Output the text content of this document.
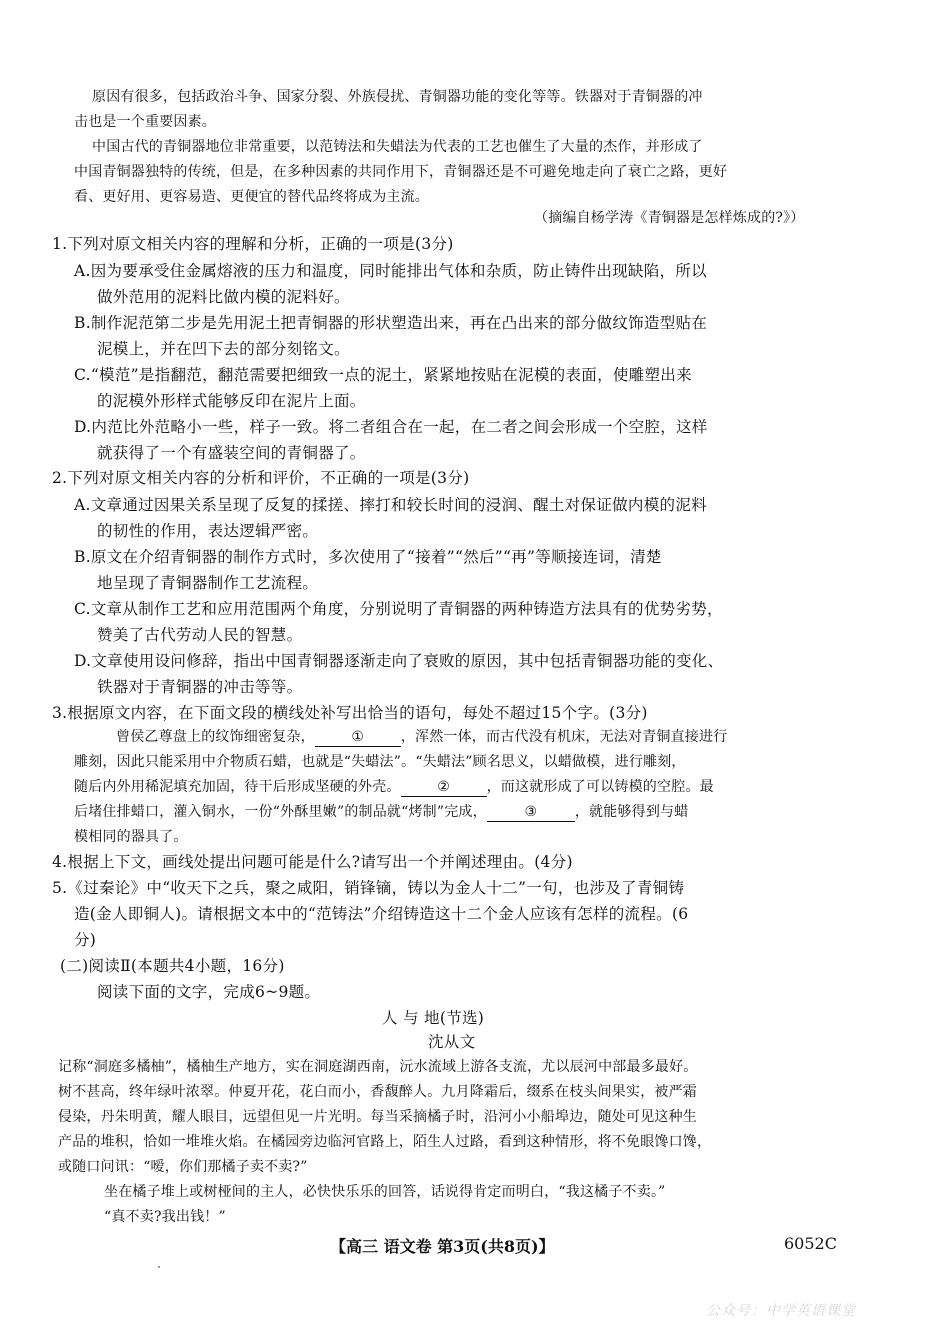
原因有很多，包括政治斗争、国家分裂、外族侵扰、青铜器功能的变化等等。铁器对于青铜器的冲
击也是一个重要因素。
中国古代的青铜器地位非常重要，以范铸法和失蜡法为代表的工艺也催生了大量的杰作，并形成了
中国青铜器独特的传统，但是，在多种因素的共同作用下，青铜器还是不可避免地走向了衰亡之路，更好
看、更好用、更容易造、更便宜的替代品终将成为主流。
（摘编自杨学涛《青铜器是怎样炼成的?》）
1.下列对原文相关内容的理解和分析，正确的一项是(3分)
A.因为要承受住金属熔液的压力和温度，同时能排出气体和杂质，防止铸件出现缺陷，所以
做外范用的泥料比做内模的泥料好。
B.制作泥范第二步是先用泥土把青铜器的形状塑造出来，再在凸出来的部分做纹饰造型贴在
泥模上，并在凹下去的部分刻铭文。
C.“模范”是指翻范，翻范需要把细致一点的泥土，紧紧地按贴在泥模的表面，使雕塑出来
的泥模外形样式能够反印在泥片上面。
D.内范比外范略小一些，样子一致。将二者组合在一起，在二者之间会形成一个空腔，这样
就获得了一个有盛装空间的青铜器了。
2.下列对原文相关内容的分析和评价，不正确的一项是(3分)
A.文章通过因果关系呈现了反复的揉搓、摔打和较长时间的浸润、醒土对保证做内模的泥料
的韧性的作用，表达逻辑严密。
B.原文在介绍青铜器的制作方式时，多次使用了“接着”“然后”“再”等顺接连词，清楚
地呈现了青铜器制作工艺流程。
C.文章从制作工艺和应用范围两个角度，分别说明了青铜器的两种铸造方法具有的优势劣势，
赞美了古代劳动人民的智慧。
D.文章使用设问修辞，指出中国青铜器逐渐走向了衰败的原因，其中包括青铜器功能的变化、
铁器对于青铜器的冲击等等。
3.根据原文内容，在下面文段的横线处补写出恰当的语句，每处不超过15个字。(3分)
曾侯乙尊盘上的纹饰细密复杂，	①	，浑然一体，而古代没有机床，无法对青铜直接进行
雕刻，因此只能采用中介物质石蜡，也就是“失蜡法”。“失蜡法”顾名思义，以蜡做模，进行雕刻，
随后内外用稀泥填充加固，待干后形成坚硬的外壳。	②	，而这就形成了可以铸模的空腔。最
后堵住排蜡口，灌入铜水，一份“外酥里嫩”的制品就“烤制”完成，	③	，就能够得到与蜡
模相同的器具了。
4.根据上下文，画线处提出问题可能是什么?请写出一个并阐述理由。(4分)
5.《过秦论》中“收天下之兵，聚之咸阳，销锋镝，铸以为金人十二”一句，也涉及了青铜铸
造(金人即铜人)。请根据文本中的“范铸法”介绍铸造这十二个金人应该有怎样的流程。(6
分)
(二)阅读Ⅱ(本题共4小题，16分)
阅读下面的文字，完成6~9题。
人 与 地(节选)
沈从文
记称“洞庭多橘柚”，橘柚生产地方，实在洞庭湖西南，沅水流域上游各支流，尤以辰河中部最多最好。
树不甚高，终年绿叶浓翠。仲夏开花，花白而小，香馥醉人。九月降霜后，缀系在枝头间果实，被严霜
侵染，丹朱明黄，耀人眼目，远望但见一片光明。每当采摘橘子时，沿河小小船埠边，随处可见这种生
产品的堆积，恰如一堆堆火焰。在橘园旁边临河官路上，陌生人过路，看到这种情形，将不免眼馋口馋，
或随口问讯：“嗳，你们那橘子卖不卖?”
坐在橘子堆上或树桠间的主人，必快快乐乐的回答，话说得肯定而明白，“我这橘子不卖。”
“真不卖?我出钱！”
【高三 语文卷 第3页(共8页)】	6052C
公众号：中学英语课堂
